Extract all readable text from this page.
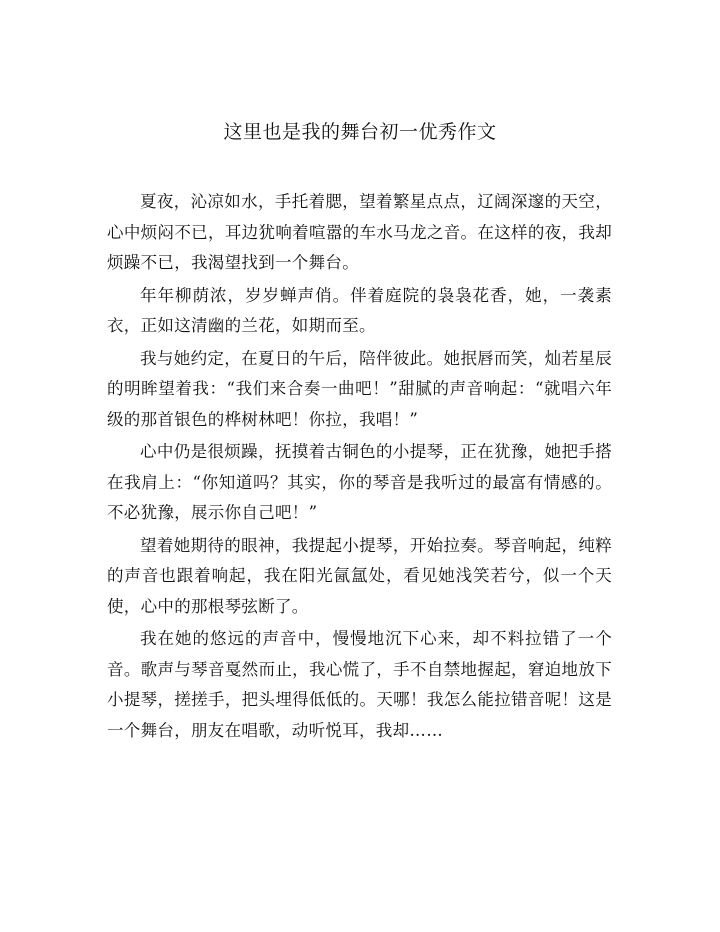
这里也是我的舞台初一优秀作文

夏夜，沁凉如水，手托着腮，望着繁星点点，辽阔深邃的天空，心中烦闷不已，耳边犹响着喧嚣的车水马龙之音。在这样的夜，我却烦躁不已，我渴望找到一个舞台。

年年柳荫浓，岁岁蝉声俏。伴着庭院的袅袅花香，她，一袭素衣，正如这清幽的兰花，如期而至。

我与她约定，在夏日的午后，陪伴彼此。她抿唇而笑，灿若星辰的明眸望着我：“我们来合奏一曲吧！”甜腻的声音响起：“就唱六年级的那首银色的桦树林吧！你拉，我唱！”

心中仍是很烦躁，抚摸着古铜色的小提琴，正在犹豫，她把手搭在我肩上：“你知道吗？其实，你的琴音是我听过的最富有情感的。不必犹豫，展示你自己吧！”

望着她期待的眼神，我提起小提琴，开始拉奏。琴音响起，纯粹的声音也跟着响起，我在阳光氤氲处，看见她浅笑若兮，似一个天使，心中的那根琴弦断了。

我在她的悠远的声音中，慢慢地沉下心来，却不料拉错了一个音。歌声与琴音戛然而止，我心慌了，手不自禁地握起，窘迫地放下小提琴，搓搓手，把头埋得低低的。天哪！我怎么能拉错音呢！这是一个舞台，朋友在唱歌，动听悦耳，我却……
